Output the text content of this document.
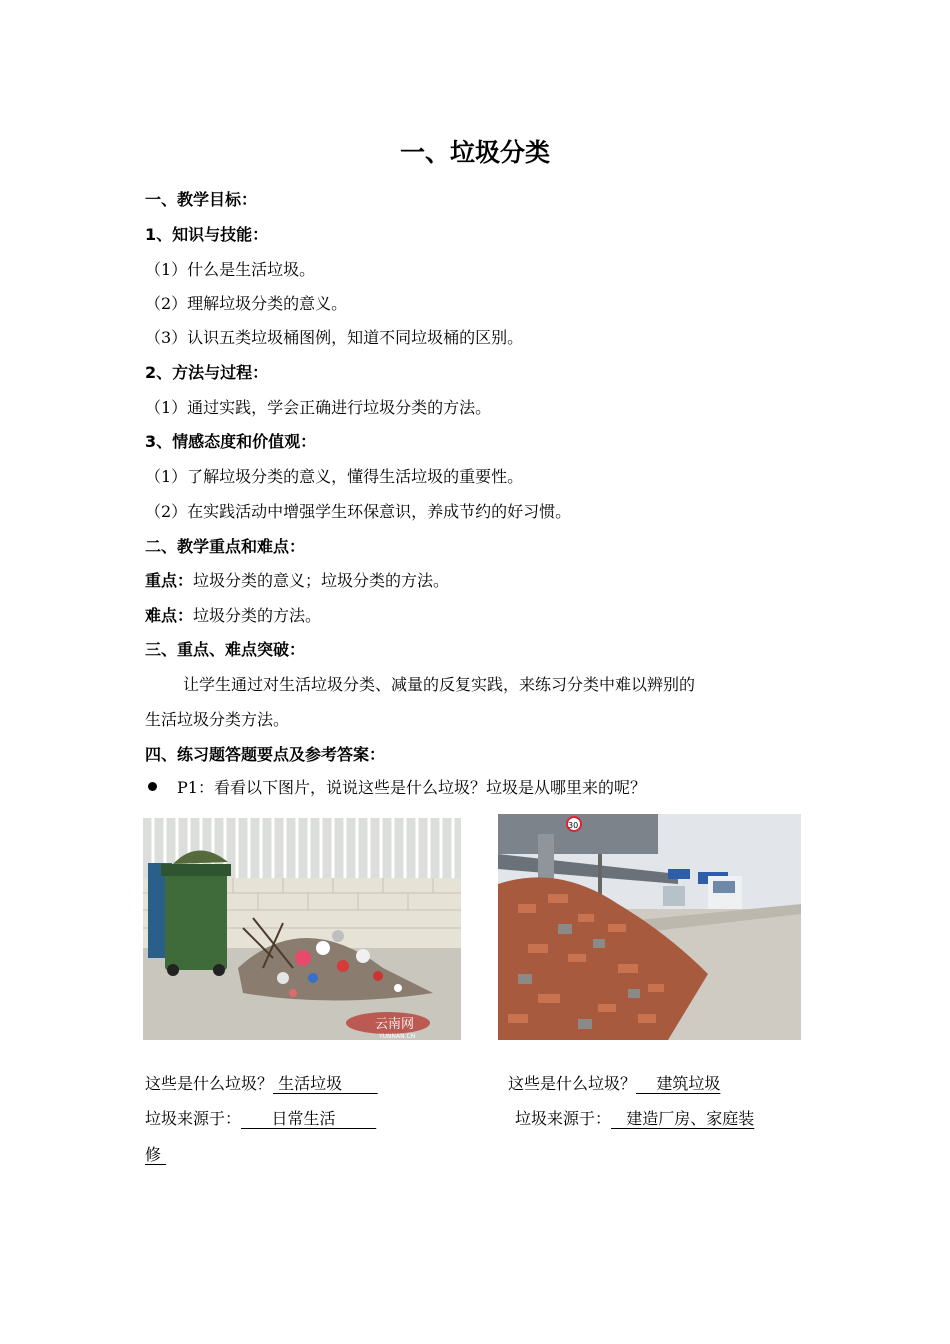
一、垃圾分类
一、教学目标：
1、知识与技能：
（1）什么是生活垃圾。
（2）理解垃圾分类的意义。
（3）认识五类垃圾桶图例，知道不同垃圾桶的区别。
2、方法与过程：
（1）通过实践，学会正确进行垃圾分类的方法。
3、情感态度和价值观：
（1）了解垃圾分类的意义，懂得生活垃圾的重要性。
（2）在实践活动中增强学生环保意识，养成节约的好习惯。
二、教学重点和难点：
重点：垃圾分类的意义；垃圾分类的方法。
难点：垃圾分类的方法。
三、重点、难点突破：
让学生通过对生活垃圾分类、减量的反复实践，来练习分类中难以辨别的
生活垃圾分类方法。
四、练习题答题要点及参考答案：
P1：看看以下图片，说说这些是什么垃圾？垃圾是从哪里来的呢？
云南网
YUNNAN.CN
30
这些是什么垃圾？ 生活垃圾
垃圾来源于：      日常生活
这些是什么垃圾？    建筑垃圾
垃圾来源于：   建造厂房、家庭装
修
